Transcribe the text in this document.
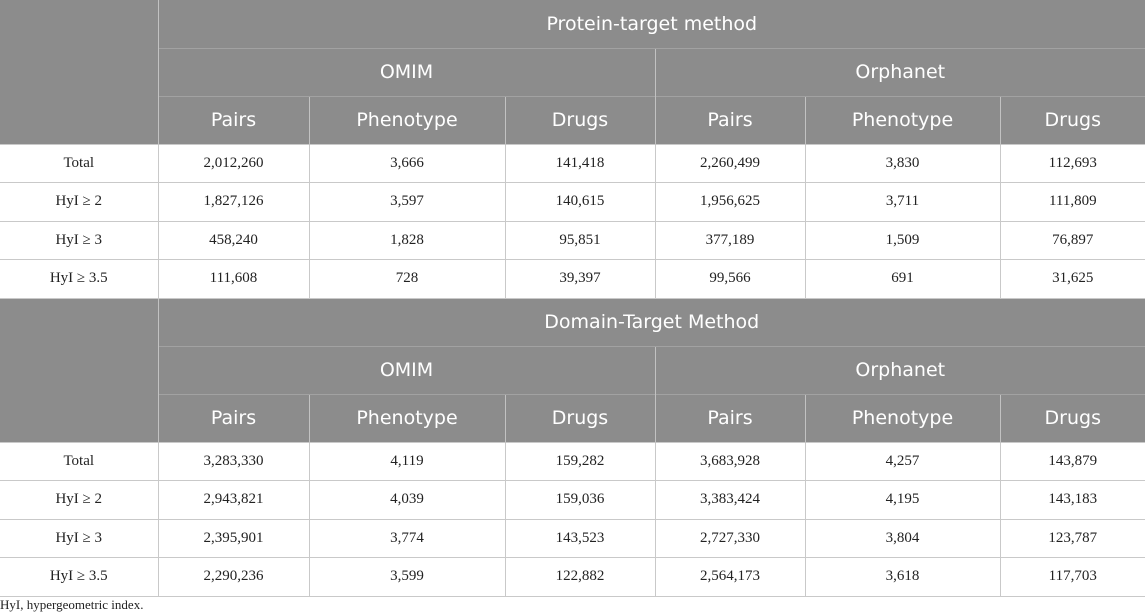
	Protein-target method					
	OMIM			Orphanet		
	Pairs	Phenotype	Drugs	Pairs	Phenotype	Drugs
Total	2,012,260	3,666	141,418	2,260,499	3,830	112,693
HyI ≥ 2	1,827,126	3,597	140,615	1,956,625	3,711	111,809
HyI ≥ 3	458,240	1,828	95,851	377,189	1,509	76,897
HyI ≥ 3.5	111,608	728	39,397	99,566	691	31,625
	Domain-Target Method					
	OMIM			Orphanet		
	Pairs	Phenotype	Drugs	Pairs	Phenotype	Drugs
Total	3,283,330	4,119	159,282	3,683,928	4,257	143,879
HyI ≥ 2	2,943,821	4,039	159,036	3,383,424	4,195	143,183
HyI ≥ 3	2,395,901	3,774	143,523	2,727,330	3,804	123,787
HyI ≥ 3.5	2,290,236	3,599	122,882	2,564,173	3,618	117,703
HyI, hypergeometric index.
